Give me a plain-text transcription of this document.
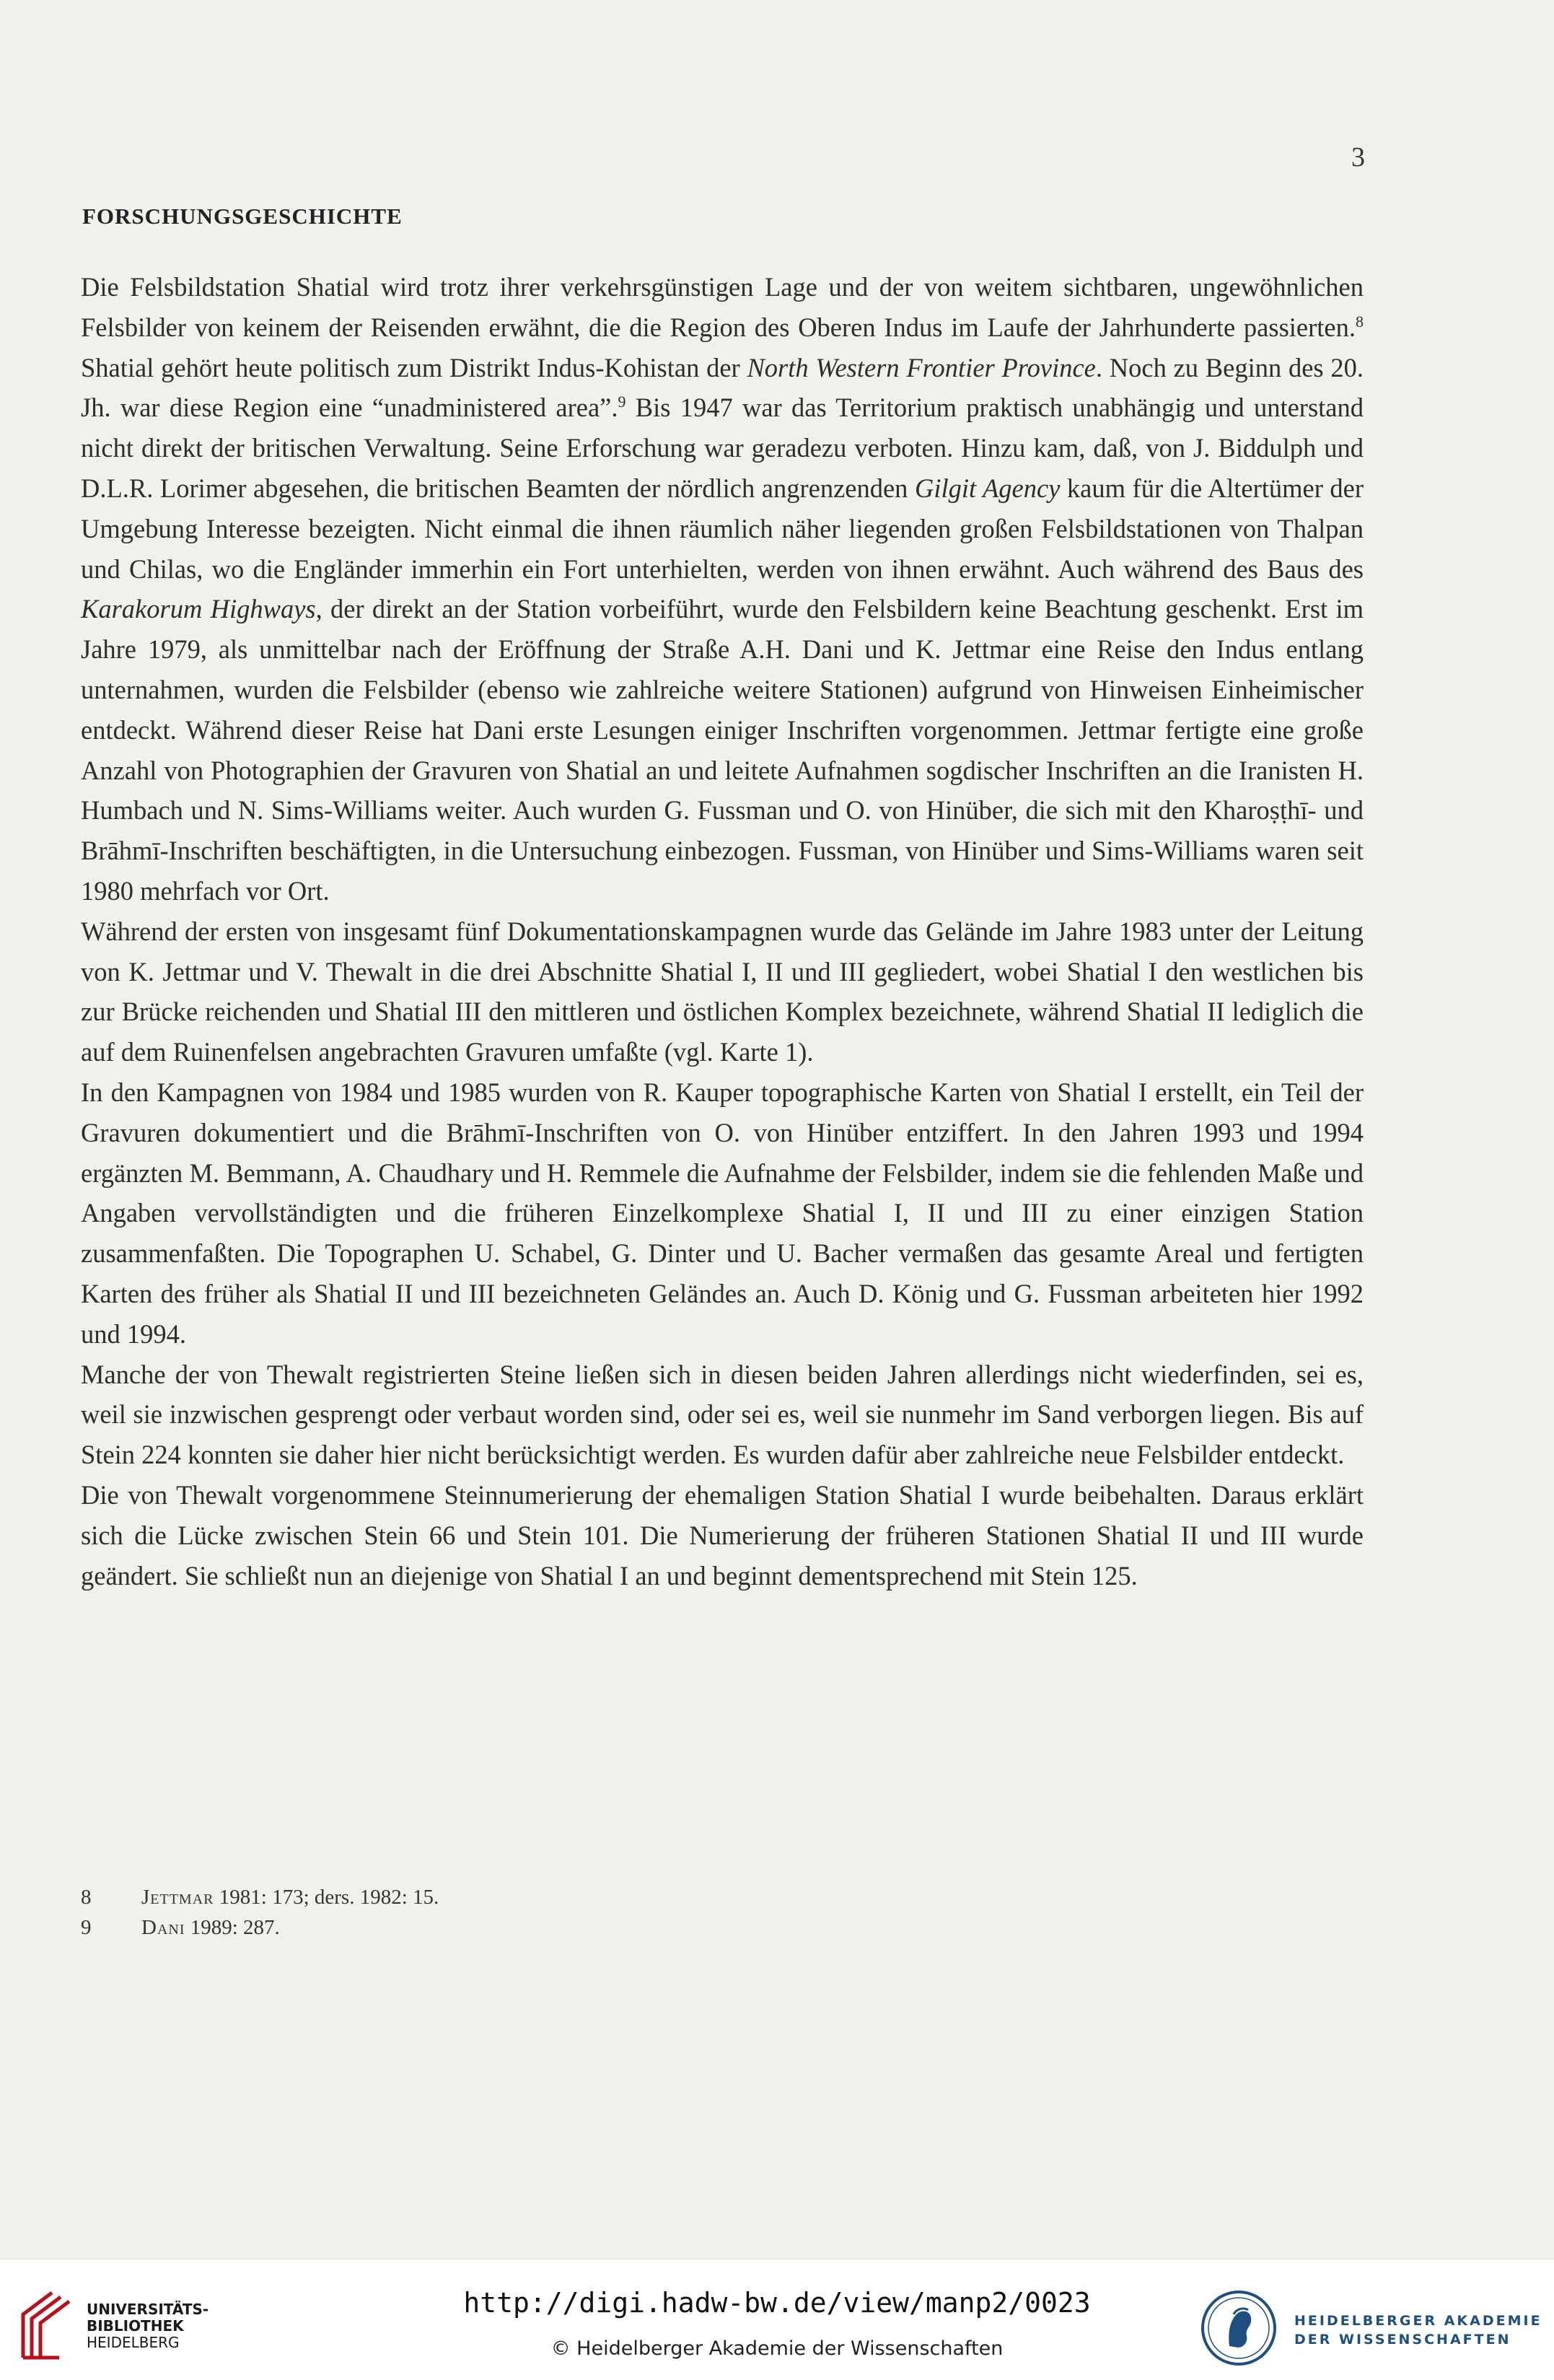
3
FORSCHUNGSGESCHICHTE

Die Felsbildstation Shatial wird trotz ihrer verkehrsgünstigen Lage und der von weitem sichtbaren, ungewöhnlichen Felsbilder von keinem der Reisenden erwähnt, die die Region des Oberen Indus im Laufe der Jahrhunderte passierten.$^8$ Shatial gehört heute politisch zum Distrikt Indus-Kohistan der North Western Frontier Province. Noch zu Beginn des 20. Jh. war diese Region eine “unadministered area”.$^9$ Bis 1947 war das Territorium praktisch unabhängig und unterstand nicht direkt der britischen Verwaltung. Seine Erforschung war geradezu verboten. Hinzu kam, daß, von J. Biddulph und D.L.R. Lorimer abgesehen, die britischen Beamten der nördlich angrenzenden Gilgit Agency kaum für die Altertümer der Umgebung Interesse bezeigten. Nicht einmal die ihnen räumlich näher liegenden großen Felsbildstationen von Thalpan und Chilas, wo die Engländer immerhin ein Fort unterhielten, werden von ihnen erwähnt. Auch während des Baus des Karakorum Highways, der direkt an der Station vorbeiführt, wurde den Felsbildern keine Beachtung geschenkt. Erst im Jahre 1979, als unmittelbar nach der Eröffnung der Straße A.H. Dani und K. Jettmar eine Reise den Indus entlang unternahmen, wurden die Felsbilder (ebenso wie zahlreiche weitere Stationen) aufgrund von Hinweisen Einheimischer entdeckt. Während dieser Reise hat Dani erste Lesungen einiger Inschriften vorgenommen. Jettmar fertigte eine große Anzahl von Photographien der Gravuren von Shatial an und leitete Aufnahmen sogdischer Inschriften an die Iranisten H. Humbach und N. Sims-Williams weiter. Auch wurden G. Fussman und O. von Hinüber, die sich mit den Kharoṣṭhī- und Brāhmī-Inschriften beschäftigten, in die Untersuchung einbezogen. Fussman, von Hinüber und Sims-Williams waren seit 1980 mehrfach vor Ort.

Während der ersten von insgesamt fünf Dokumentationskampagnen wurde das Gelände im Jahre 1983 unter der Leitung von K. Jettmar und V. Thewalt in die drei Abschnitte Shatial I, II und III gegliedert, wobei Shatial I den westlichen bis zur Brücke reichenden und Shatial III den mittleren und östlichen Komplex bezeichnete, während Shatial II lediglich die auf dem Ruinenfelsen angebrachten Gravuren umfaßte (vgl. Karte 1).

In den Kampagnen von 1984 und 1985 wurden von R. Kauper topographische Karten von Shatial I erstellt, ein Teil der Gravuren dokumentiert und die Brāhmī-Inschriften von O. von Hinüber entziffert. In den Jahren 1993 und 1994 ergänzten M. Bemmann, A. Chaudhary und H. Remmele die Aufnahme der Felsbilder, indem sie die fehlenden Maße und Angaben vervollständigten und die früheren Einzelkomplexe Shatial I, II und III zu einer einzigen Station zusammenfaßten. Die Topographen U. Schabel, G. Dinter und U. Bacher vermaßen das gesamte Areal und fertigten Karten des früher als Shatial II und III bezeichneten Geländes an. Auch D. König und G. Fussman arbeiteten hier 1992 und 1994.

Manche der von Thewalt registrierten Steine ließen sich in diesen beiden Jahren allerdings nicht wiederfinden, sei es, weil sie inzwischen gesprengt oder verbaut worden sind, oder sei es, weil sie nunmehr im Sand verborgen liegen. Bis auf Stein 224 konnten sie daher hier nicht berücksichtigt werden. Es wurden dafür aber zahlreiche neue Felsbilder entdeckt.

Die von Thewalt vorgenommene Steinnumerierung der ehemaligen Station Shatial I wurde beibehalten. Daraus erklärt sich die Lücke zwischen Stein 66 und Stein 101. Die Numerierung der früheren Stationen Shatial II und III wurde geändert. Sie schließt nun an diejenige von Shatial I an und beginnt dementsprechend mit Stein 125.

8	Jettmar 1981: 173; ders. 1982: 15.
9	Dani 1989: 287.
UNIVERSITÄTS-
BIBLIOTHEK
HEIDELBERG
http://digi.hadw-bw.de/view/manp2/0023
© Heidelberger Akademie der Wissenschaften
HEIDELBERGER AKADEMIE
DER WISSENSCHAFTEN
